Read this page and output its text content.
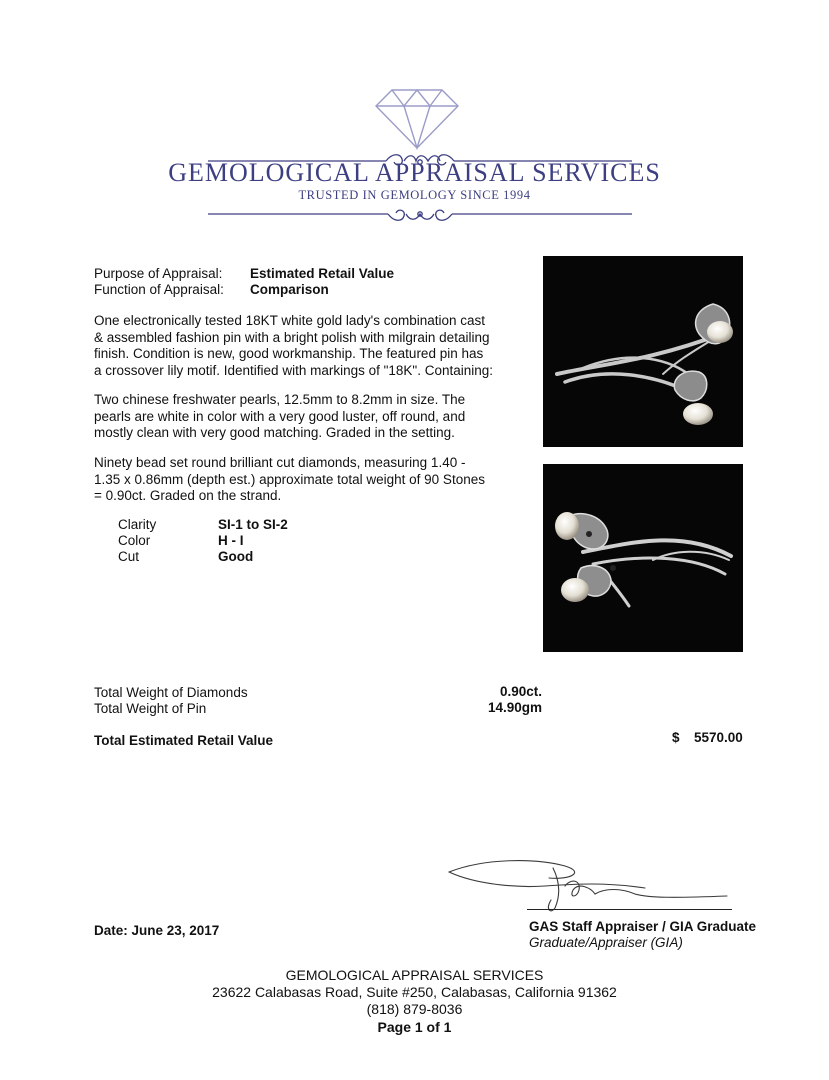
GEMOLOGICAL APPRAISAL SERVICES
TRUSTED IN GEMOLOGY SINCE 1994
Purpose of Appraisal: Estimated Retail Value
Function of Appraisal: Comparison
One electronically tested 18KT white gold lady's combination cast
& assembled fashion pin with a bright polish with milgrain detailing
finish. Condition is new, good workmanship. The featured pin has
a crossover lily motif. Identified with markings of "18K". Containing:
Two chinese freshwater pearls, 12.5mm to 8.2mm in size. The
pearls are white in color with a very good luster, off round, and
mostly clean with very good matching. Graded in the setting.
Ninety bead set round brilliant cut diamonds, measuring 1.40 -
1.35 x 0.86mm (depth est.) approximate total weight of 90 Stones
= 0.90ct. Graded on the strand.
Clarity	SI-1 to SI-2
Color	H - I
Cut	Good
Total Weight of Diamonds	0.90ct.
Total Weight of Pin	14.90gm
Total Estimated Retail Value	$ 5570.00
Date: June 23, 2017	GAS Staff Appraiser / GIA Graduate
Graduate/Appraiser (GIA)
GEMOLOGICAL APPRAISAL SERVICES
23622 Calabasas Road, Suite #250, Calabasas, California 91362
(818) 879-8036
Page 1 of 1
